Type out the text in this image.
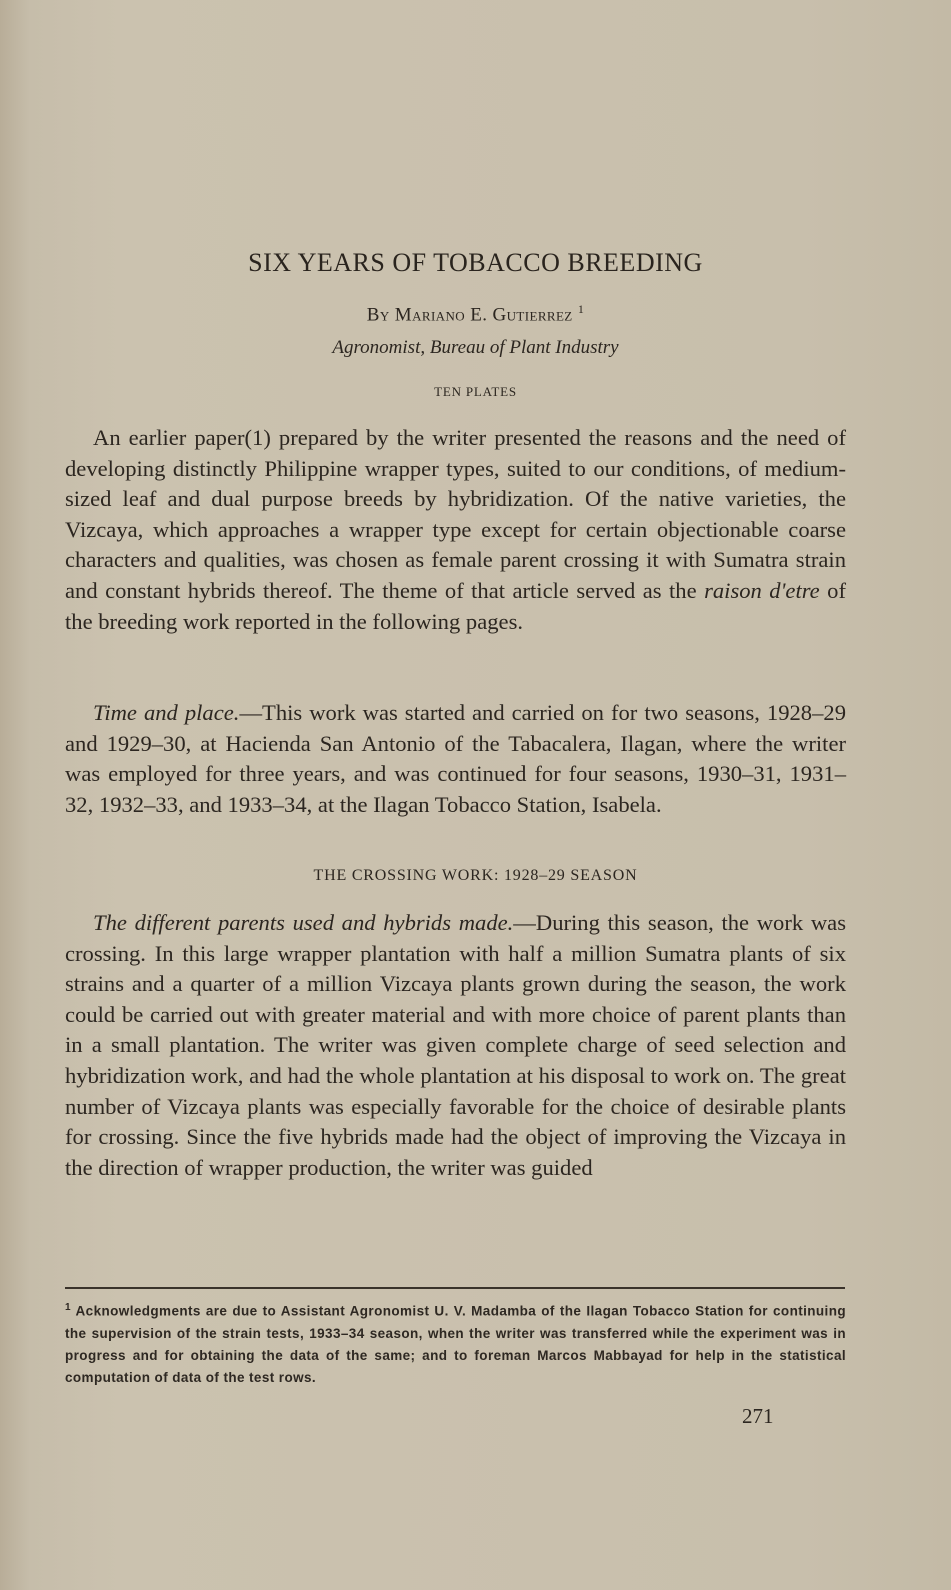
SIX YEARS OF TOBACCO BREEDING
By Mariano E. Gutierrez $^1$
Agronomist, Bureau of Plant Industry
TEN PLATES

An earlier paper(1) prepared by the writer presented the reasons and the need of developing distinctly Philippine wrapper types, suited to our conditions, of medium-sized leaf and dual purpose breeds by hybridization. Of the native varieties, the Vizcaya, which approaches a wrapper type except for certain objectionable coarse characters and qualities, was chosen as female parent crossing it with Sumatra strain and constant hybrids thereof. The theme of that article served as the raison d'etre of the breeding work reported in the following pages.

Time and place.—This work was started and carried on for two seasons, 1928–29 and 1929–30, at Hacienda San Antonio of the Tabacalera, Ilagan, where the writer was employed for three years, and was continued for four seasons, 1930–31, 1931–32, 1932–33, and 1933–34, at the Ilagan Tobacco Station, Isabela.

THE CROSSING WORK: 1928–29 SEASON

The different parents used and hybrids made.—During this season, the work was crossing. In this large wrapper plantation with half a million Sumatra plants of six strains and a quarter of a million Vizcaya plants grown during the season, the work could be carried out with greater material and with more choice of parent plants than in a small plantation. The writer was given complete charge of seed selection and hybridization work, and had the whole plantation at his disposal to work on. The great number of Vizcaya plants was especially favorable for the choice of desirable plants for crossing. Since the five hybrids made had the object of improving the Vizcaya in the direction of wrapper production, the writer was guided

$^1$ Acknowledgments are due to Assistant Agronomist U. V. Madamba of the Ilagan Tobacco Station for continuing the supervision of the strain tests, 1933–34 season, when the writer was transferred while the experiment was in progress and for obtaining the data of the same; and to foreman Marcos Mabbayad for help in the statistical computation of data of the test rows.
271
